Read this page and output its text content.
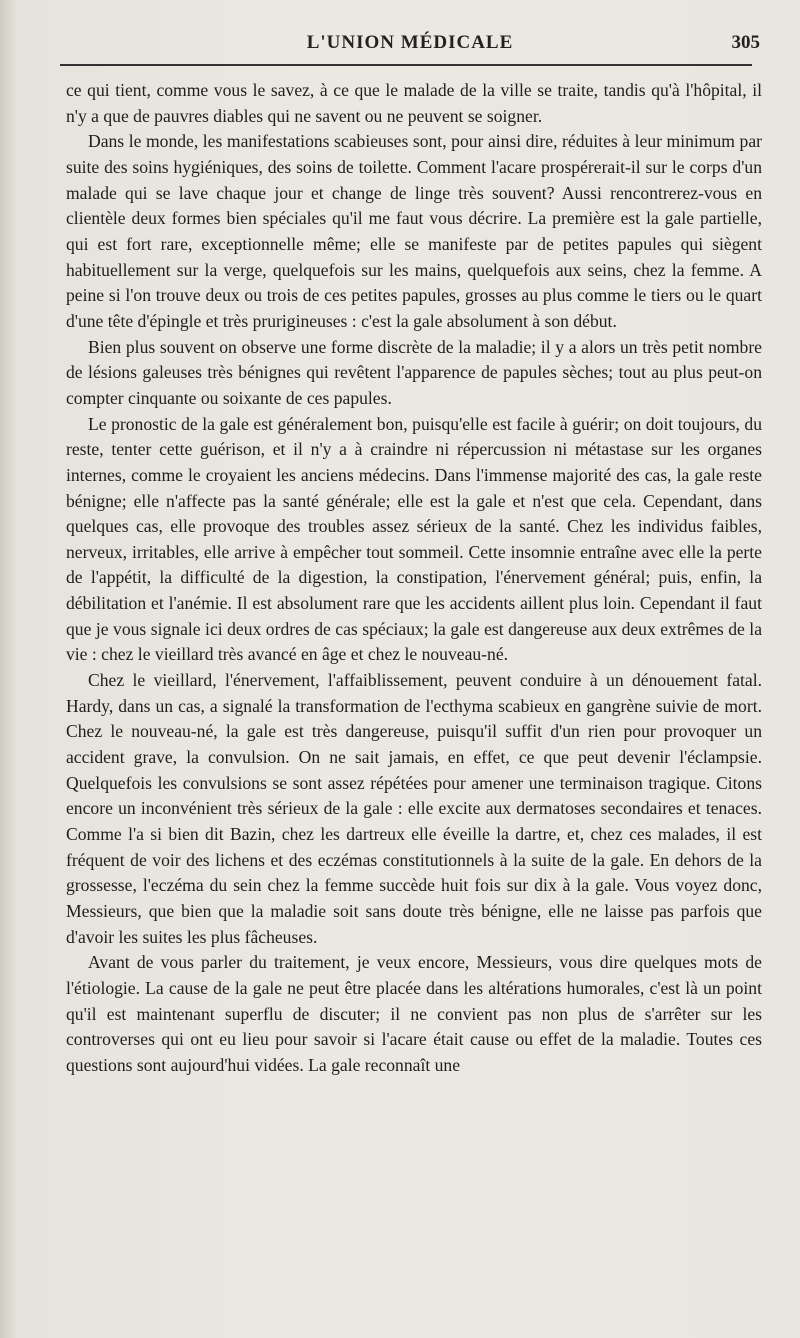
L'UNION MÉDICALE	305

ce qui tient, comme vous le savez, à ce que le malade de la ville se traite, tandis qu'à l'hôpital, il n'y a que de pauvres diables qui ne savent ou ne peuvent se soigner.

Dans le monde, les manifestations scabieuses sont, pour ainsi dire, réduites à leur minimum par suite des soins hygiéniques, des soins de toilette. Comment l'acare prospérerait-il sur le corps d'un malade qui se lave chaque jour et change de linge très souvent? Aussi rencontrerez-vous en clientèle deux formes bien spéciales qu'il me faut vous décrire. La première est la gale partielle, qui est fort rare, exceptionnelle même; elle se manifeste par de petites papules qui siègent habituellement sur la verge, quelquefois sur les mains, quelquefois aux seins, chez la femme. A peine si l'on trouve deux ou trois de ces petites papules, grosses au plus comme le tiers ou le quart d'une tête d'épingle et très prurigineuses : c'est la gale absolument à son début.

Bien plus souvent on observe une forme discrète de la maladie; il y a alors un très petit nombre de lésions galeuses très bénignes qui revêtent l'apparence de papules sèches; tout au plus peut-on compter cinquante ou soixante de ces papules.

Le pronostic de la gale est généralement bon, puisqu'elle est facile à guérir; on doit toujours, du reste, tenter cette guérison, et il n'y a à craindre ni répercussion ni métastase sur les organes internes, comme le croyaient les anciens médecins. Dans l'immense majorité des cas, la gale reste bénigne; elle n'affecte pas la santé générale; elle est la gale et n'est que cela. Cependant, dans quelques cas, elle provoque des troubles assez sérieux de la santé. Chez les individus faibles, nerveux, irritables, elle arrive à empêcher tout sommeil. Cette insomnie entraîne avec elle la perte de l'appétit, la difficulté de la digestion, la constipation, l'énervement général; puis, enfin, la débilitation et l'anémie. Il est absolument rare que les accidents aillent plus loin. Cependant il faut que je vous signale ici deux ordres de cas spéciaux; la gale est dangereuse aux deux extrêmes de la vie : chez le vieillard très avancé en âge et chez le nouveau-né.

Chez le vieillard, l'énervement, l'affaiblissement, peuvent conduire à un dénouement fatal. Hardy, dans un cas, a signalé la transformation de l'ecthyma scabieux en gangrène suivie de mort. Chez le nouveau-né, la gale est très dangereuse, puisqu'il suffit d'un rien pour provoquer un accident grave, la convulsion. On ne sait jamais, en effet, ce que peut devenir l'éclampsie. Quelquefois les convulsions se sont assez répétées pour amener une terminaison tragique. Citons encore un inconvénient très sérieux de la gale : elle excite aux dermatoses secondaires et tenaces. Comme l'a si bien dit Bazin, chez les dartreux elle éveille la dartre, et, chez ces malades, il est fréquent de voir des lichens et des eczémas constitutionnels à la suite de la gale. En dehors de la grossesse, l'eczéma du sein chez la femme succède huit fois sur dix à la gale. Vous voyez donc, Messieurs, que bien que la maladie soit sans doute très bénigne, elle ne laisse pas parfois que d'avoir les suites les plus fâcheuses.

Avant de vous parler du traitement, je veux encore, Messieurs, vous dire quelques mots de l'étiologie. La cause de la gale ne peut être placée dans les altérations humorales, c'est là un point qu'il est maintenant superflu de discuter; il ne convient pas non plus de s'arrêter sur les controverses qui ont eu lieu pour savoir si l'acare était cause ou effet de la maladie. Toutes ces questions sont aujourd'hui vidées. La gale reconnaît une
